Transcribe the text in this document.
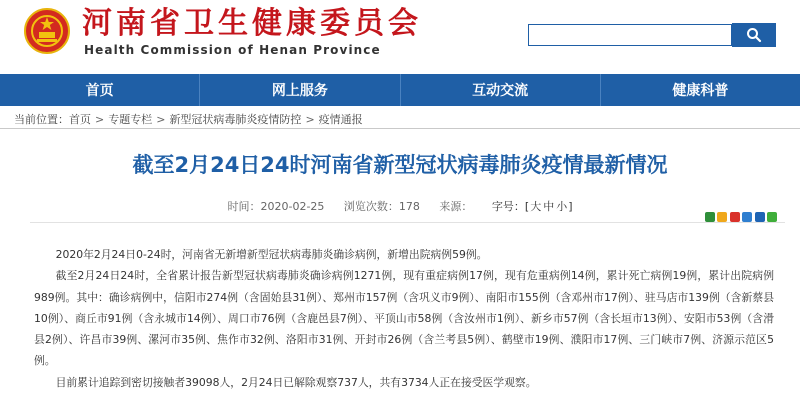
河南省卫生健康委员会
Health Commission of Henan Province
首页	网上服务	互动交流	健康科普
当前位置： 首页 > 专题专栏 > 新型冠状病毒肺炎疫情防控 > 疫情通报
截至2月24日24时河南省新型冠状病毒肺炎疫情最新情况
时间：2020-02-25 浏览次数：178 来源： 字号：[大 中 小]

2020年2月24日0-24时，河南省无新增新型冠状病毒肺炎确诊病例，新增出院病例59例。

截至2月24日24时，全省累计报告新型冠状病毒肺炎确诊病例1271例，现有重症病例17例，现有危重病例14例，累计死亡病例19例，累计出院病例989例。其中：确诊病例中，信阳市274例（含固始县31例）、郑州市157例（含巩义市9例）、南阳市155例（含邓州市17例）、驻马店市139例（含新蔡县10例）、商丘市91例（含永城市14例）、周口市76例（含鹿邑县7例）、平顶山市58例（含汝州市1例）、新乡市57例（含长垣市13例）、安阳市53例（含滑县2例）、许昌市39例、漯河市35例、焦作市32例、洛阳市31例、开封市26例（含兰考县5例）、鹤壁市19例、濮阳市17例、三门峡市7例、济源示范区5例。

目前累计追踪到密切接触者39098人，2月24日已解除观察737人，共有3734人正在接受医学观察。
